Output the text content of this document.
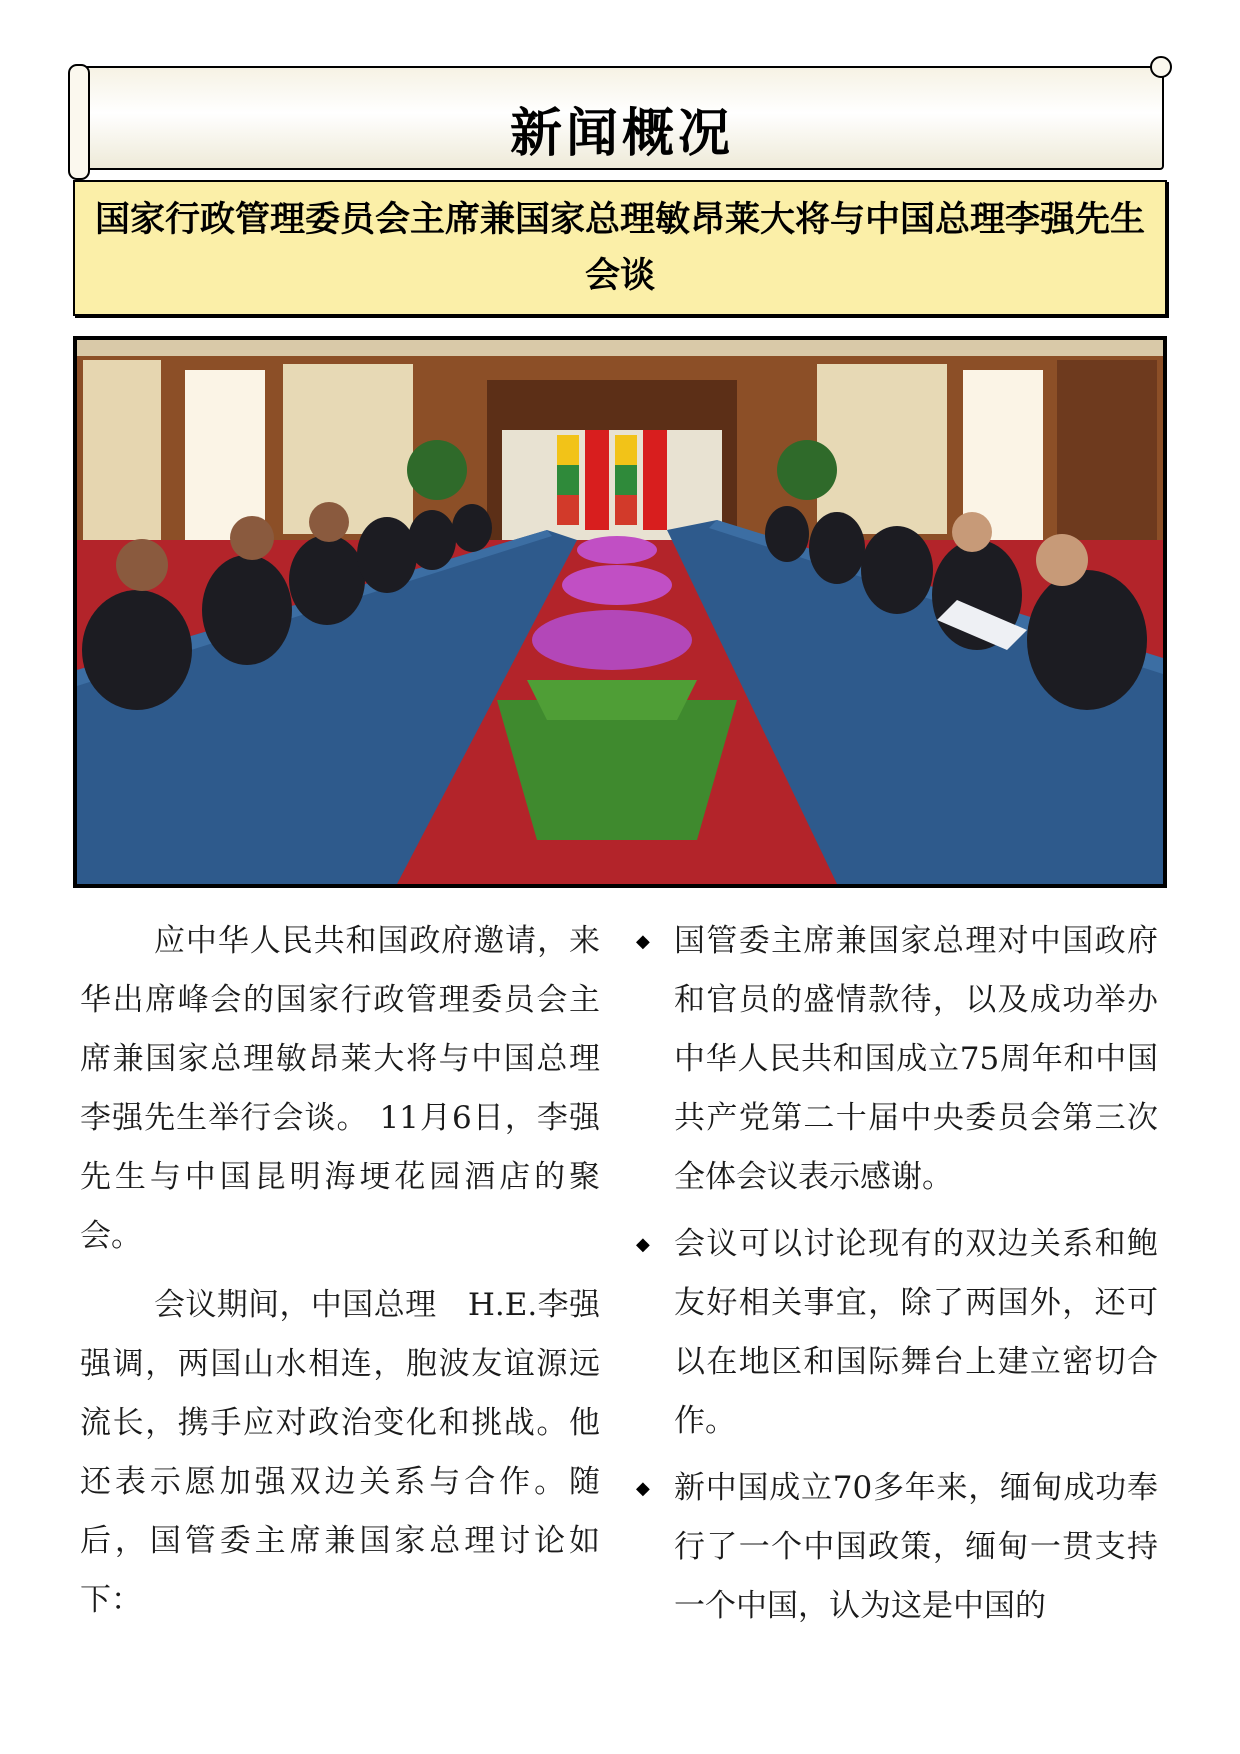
新闻概况
国家行政管理委员会主席兼国家总理敏昂莱大将与中国总理李强先生会谈

应中华人民共和国政府邀请，来华出席峰会的国家行政管理委员会主席兼国家总理敏昂莱大将与中国总理李强先生举行会谈。 11月6日，李强先生与中国昆明海埂花园酒店的聚会。

会议期间，中国总理　H.E.李强强调，两国山水相连，胞波友谊源远流长，携手应对政治变化和挑战。他还表示愿加强双边关系与合作。随后，国管委主席兼国家总理讨论如下：

◆ 国管委主席兼国家总理对中国政府和官员的盛情款待，以及成功举办中华人民共和国成立75周年和中国共产党第二十届中央委员会第三次全体会议表示感谢。
◆ 会议可以讨论现有的双边关系和鲍友好相关事宜，除了两国外，还可以在地区和国际舞台上建立密切合作。
◆ 新中国成立70多年来，缅甸成功奉行了一个中国政策，缅甸一贯支持一个中国，认为这是中国的
